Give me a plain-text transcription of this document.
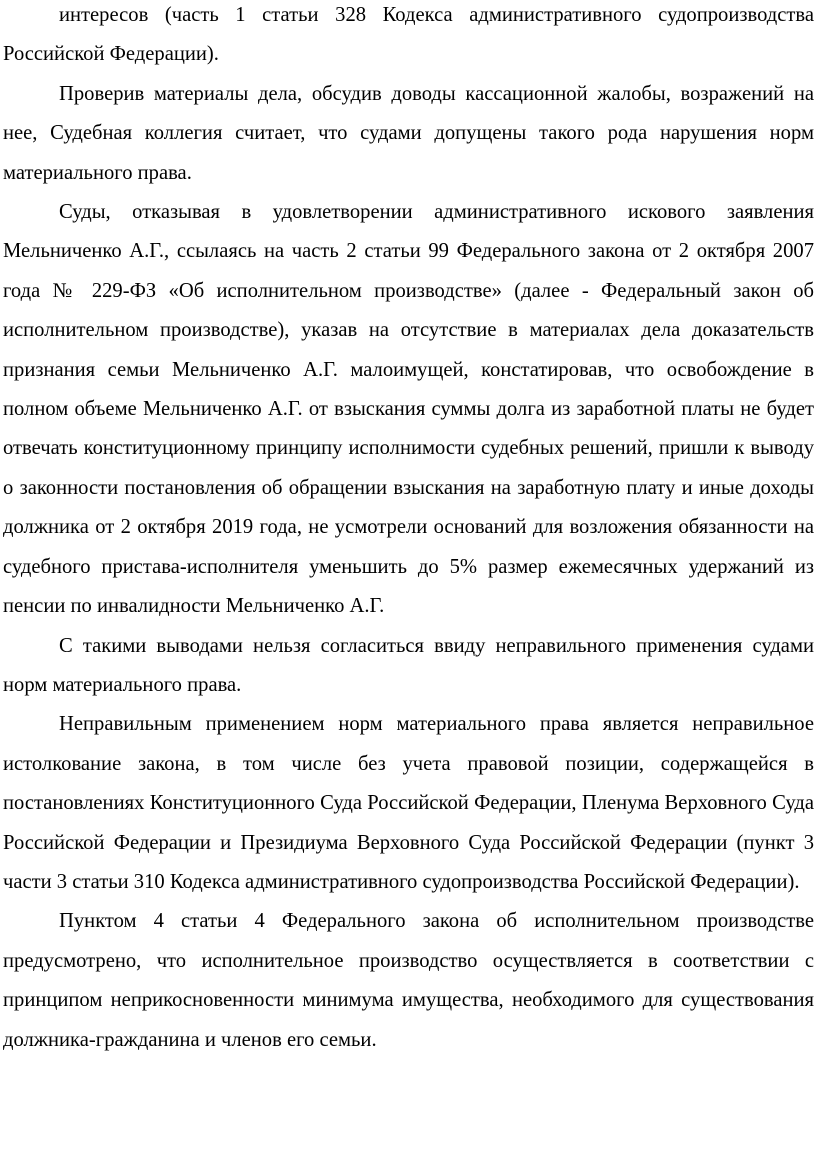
интересов (часть 1 статьи 328 Кодекса административного судопроизводства Российской Федерации).

Проверив материалы дела, обсудив доводы кассационной жалобы, возражений на нее, Судебная коллегия считает, что судами допущены такого рода нарушения норм материального права.

Суды, отказывая в удовлетворении административного искового заявления Мельниченко А.Г., ссылаясь на часть 2 статьи 99 Федерального закона от 2 октября 2007 года № 229-ФЗ «Об исполнительном производстве» (далее - Федеральный закон об исполнительном производстве), указав на отсутствие в материалах дела доказательств признания семьи Мельниченко А.Г. малоимущей, констатировав, что освобождение в полном объеме Мельниченко А.Г. от взыскания суммы долга из заработной платы не будет отвечать конституционному принципу исполнимости судебных решений, пришли к выводу о законности постановления об обращении взыскания на заработную плату и иные доходы должника от 2 октября 2019 года, не усмотрели оснований для возложения обязанности на судебного пристава-исполнителя уменьшить до 5% размер ежемесячных удержаний из пенсии по инвалидности Мельниченко А.Г.

С такими выводами нельзя согласиться ввиду неправильного применения судами норм материального права.

Неправильным применением норм материального права является неправильное истолкование закона, в том числе без учета правовой позиции, содержащейся в постановлениях Конституционного Суда Российской Федерации, Пленума Верховного Суда Российской Федерации и Президиума Верховного Суда Российской Федерации (пункт 3 части 3 статьи 310 Кодекса административного судопроизводства Российской Федерации).

Пунктом 4 статьи 4 Федерального закона об исполнительном производстве предусмотрено, что исполнительное производство осуществляется в соответствии с принципом неприкосновенности минимума имущества, необходимого для существования должника-гражданина и членов его семьи.
